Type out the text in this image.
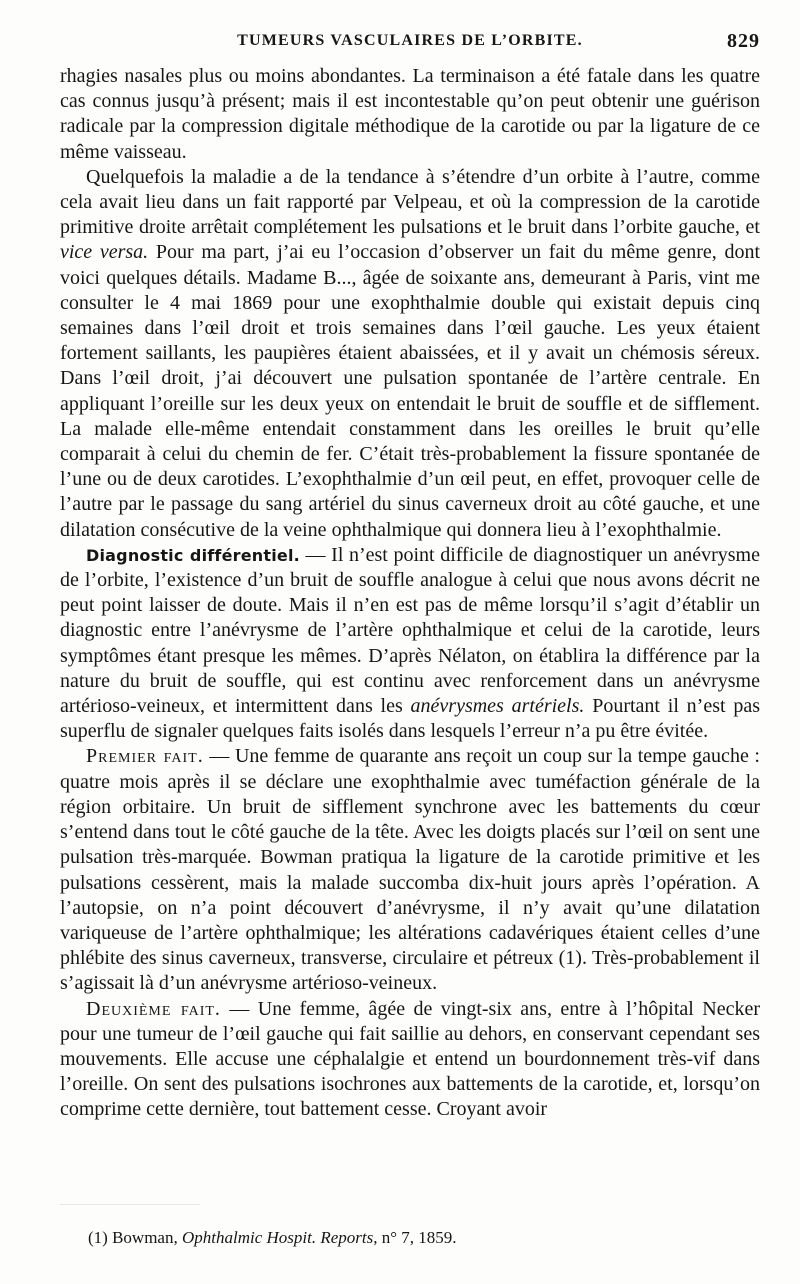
TUMEURS VASCULAIRES DE L’ORBITE.	829

rhagies nasales plus ou moins abondantes. La terminaison a été fatale dans les quatre cas connus jusqu’à présent; mais il est incontestable qu’on peut obtenir une guérison radicale par la compression digitale méthodique de la carotide ou par la ligature de ce même vaisseau.

Quelquefois la maladie a de la tendance à s’étendre d’un orbite à l’autre, comme cela avait lieu dans un fait rapporté par Velpeau, et où la compression de la carotide primitive droite arrêtait complétement les pulsations et le bruit dans l’orbite gauche, et vice versa. Pour ma part, j’ai eu l’occasion d’observer un fait du même genre, dont voici quelques détails. Madame B..., âgée de soixante ans, demeurant à Paris, vint me consulter le 4 mai 1869 pour une exophthalmie double qui existait depuis cinq semaines dans l’œil droit et trois semaines dans l’œil gauche. Les yeux étaient fortement saillants, les paupières étaient abaissées, et il y avait un chémosis séreux. Dans l’œil droit, j’ai découvert une pulsation spontanée de l’artère centrale. En appliquant l’oreille sur les deux yeux on entendait le bruit de souffle et de sifflement. La malade elle-même entendait constamment dans les oreilles le bruit qu’elle comparait à celui du chemin de fer. C’était très-probablement la fissure spontanée de l’une ou de deux carotides. L’exophthalmie d’un œil peut, en effet, provoquer celle de l’autre par le passage du sang artériel du sinus caverneux droit au côté gauche, et une dilatation consécutive de la veine ophthalmique qui donnera lieu à l’exophthalmie.

Diagnostic différentiel. — Il n’est point difficile de diagnostiquer un anévrysme de l’orbite, l’existence d’un bruit de souffle analogue à celui que nous avons décrit ne peut point laisser de doute. Mais il n’en est pas de même lorsqu’il s’agit d’établir un diagnostic entre l’anévrysme de l’artère ophthalmique et celui de la carotide, leurs symptômes étant presque les mêmes. D’après Nélaton, on établira la différence par la nature du bruit de souffle, qui est continu avec renforcement dans un anévrysme artérioso-veineux, et intermittent dans les anévrysmes artériels. Pourtant il n’est pas superflu de signaler quelques faits isolés dans lesquels l’erreur n’a pu être évitée.

Premier fait. — Une femme de quarante ans reçoit un coup sur la tempe gauche : quatre mois après il se déclare une exophthalmie avec tuméfaction générale de la région orbitaire. Un bruit de sifflement synchrone avec les battements du cœur s’entend dans tout le côté gauche de la tête. Avec les doigts placés sur l’œil on sent une pulsation très-marquée. Bowman pratiqua la ligature de la carotide primitive et les pulsations cessèrent, mais la malade succomba dix-huit jours après l’opération. A l’autopsie, on n’a point découvert d’anévrysme, il n’y avait qu’une dilatation variqueuse de l’artère ophthalmique; les altérations cadavériques étaient celles d’une phlébite des sinus caverneux, transverse, circulaire et pétreux (1). Très-probablement il s’agissait là d’un anévrysme artérioso-veineux.

Deuxième fait. — Une femme, âgée de vingt-six ans, entre à l’hôpital Necker pour une tumeur de l’œil gauche qui fait saillie au dehors, en conservant cependant ses mouvements. Elle accuse une céphalalgie et entend un bourdonnement très-vif dans l’oreille. On sent des pulsations isochrones aux battements de la carotide, et, lorsqu’on comprime cette dernière, tout battement cesse. Croyant avoir

(1) Bowman, Ophthalmic Hospit. Reports, n° 7, 1859.
